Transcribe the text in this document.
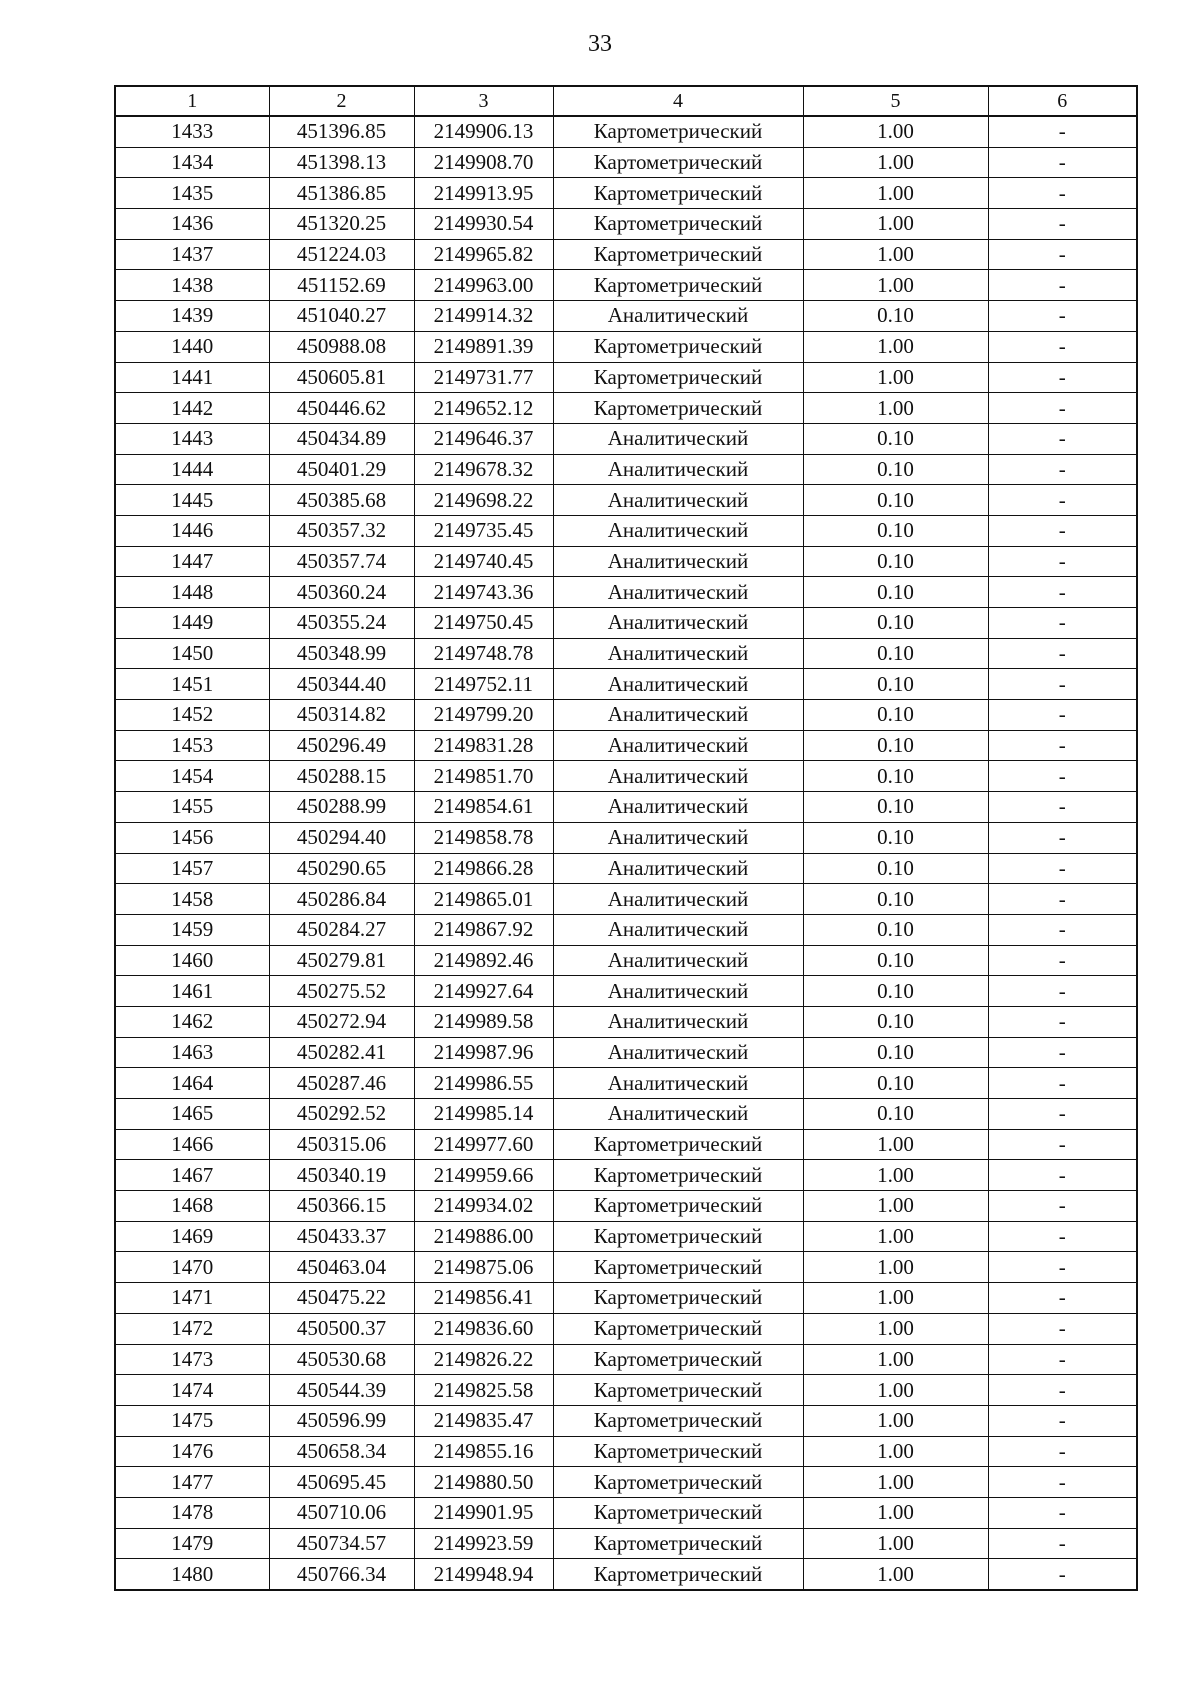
33
1	2	3	4	5	6
1433	451396.85	2149906.13	Картометрический	1.00	-
1434	451398.13	2149908.70	Картометрический	1.00	-
1435	451386.85	2149913.95	Картометрический	1.00	-
1436	451320.25	2149930.54	Картометрический	1.00	-
1437	451224.03	2149965.82	Картометрический	1.00	-
1438	451152.69	2149963.00	Картометрический	1.00	-
1439	451040.27	2149914.32	Аналитический	0.10	-
1440	450988.08	2149891.39	Картометрический	1.00	-
1441	450605.81	2149731.77	Картометрический	1.00	-
1442	450446.62	2149652.12	Картометрический	1.00	-
1443	450434.89	2149646.37	Аналитический	0.10	-
1444	450401.29	2149678.32	Аналитический	0.10	-
1445	450385.68	2149698.22	Аналитический	0.10	-
1446	450357.32	2149735.45	Аналитический	0.10	-
1447	450357.74	2149740.45	Аналитический	0.10	-
1448	450360.24	2149743.36	Аналитический	0.10	-
1449	450355.24	2149750.45	Аналитический	0.10	-
1450	450348.99	2149748.78	Аналитический	0.10	-
1451	450344.40	2149752.11	Аналитический	0.10	-
1452	450314.82	2149799.20	Аналитический	0.10	-
1453	450296.49	2149831.28	Аналитический	0.10	-
1454	450288.15	2149851.70	Аналитический	0.10	-
1455	450288.99	2149854.61	Аналитический	0.10	-
1456	450294.40	2149858.78	Аналитический	0.10	-
1457	450290.65	2149866.28	Аналитический	0.10	-
1458	450286.84	2149865.01	Аналитический	0.10	-
1459	450284.27	2149867.92	Аналитический	0.10	-
1460	450279.81	2149892.46	Аналитический	0.10	-
1461	450275.52	2149927.64	Аналитический	0.10	-
1462	450272.94	2149989.58	Аналитический	0.10	-
1463	450282.41	2149987.96	Аналитический	0.10	-
1464	450287.46	2149986.55	Аналитический	0.10	-
1465	450292.52	2149985.14	Аналитический	0.10	-
1466	450315.06	2149977.60	Картометрический	1.00	-
1467	450340.19	2149959.66	Картометрический	1.00	-
1468	450366.15	2149934.02	Картометрический	1.00	-
1469	450433.37	2149886.00	Картометрический	1.00	-
1470	450463.04	2149875.06	Картометрический	1.00	-
1471	450475.22	2149856.41	Картометрический	1.00	-
1472	450500.37	2149836.60	Картометрический	1.00	-
1473	450530.68	2149826.22	Картометрический	1.00	-
1474	450544.39	2149825.58	Картометрический	1.00	-
1475	450596.99	2149835.47	Картометрический	1.00	-
1476	450658.34	2149855.16	Картометрический	1.00	-
1477	450695.45	2149880.50	Картометрический	1.00	-
1478	450710.06	2149901.95	Картометрический	1.00	-
1479	450734.57	2149923.59	Картометрический	1.00	-
1480	450766.34	2149948.94	Картометрический	1.00	-
